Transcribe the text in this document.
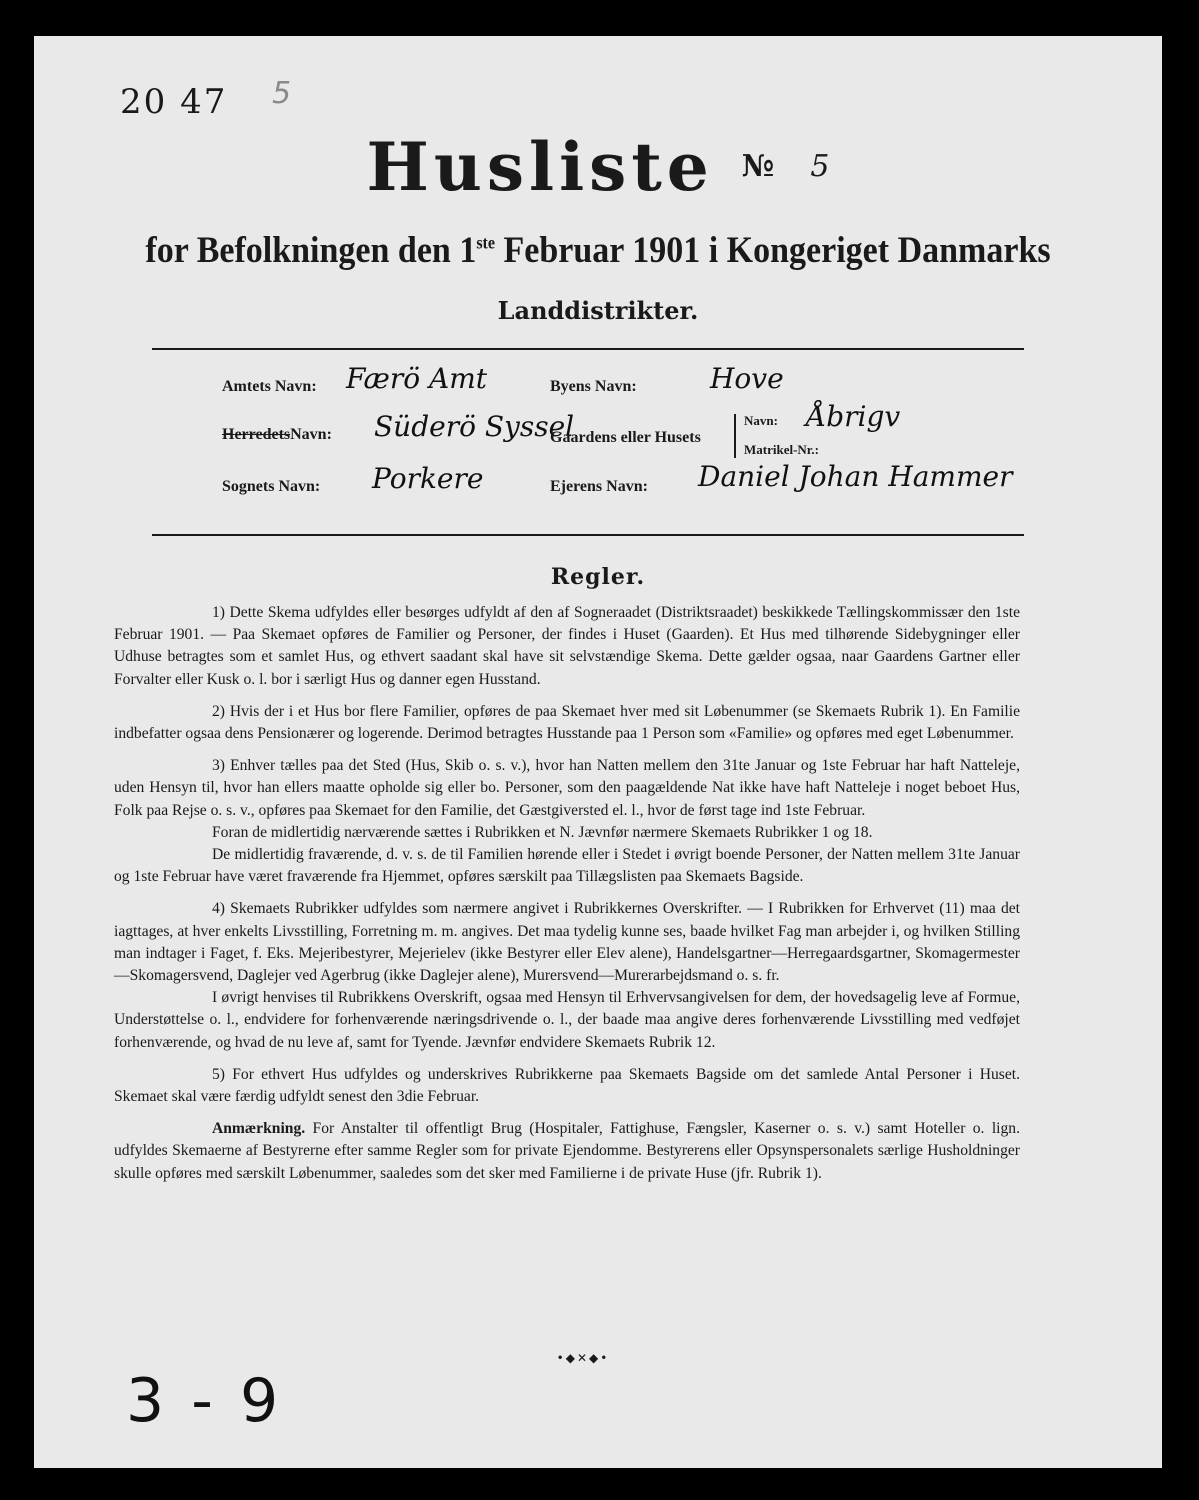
20 47 5
Husliste № $^5$
for Befolkningen den 1ste Februar 1901 i Kongeriget Danmarks
Landdistrikter.
Amtets Navn: Færö Amt
HerredetsNavn: Süderö Syssel
Sognets Navn: Porkere
Byens Navn:	Hove
Gaardens eller Husets
Navn: Åbrigv
Matrikel-Nr.:
Ejerens Navn: Daniel Johan Hammer
Regler.

1) Dette Skema udfyldes eller besørges udfyldt af den af Sogneraadet (Distriktsraadet) beskikkede Tællingskommissær den 1ste Februar 1901. — Paa Skemaet opføres de Familier og Personer, der findes i Huset (Gaarden). Et Hus med tilhørende Sidebygninger eller Udhuse betragtes som et samlet Hus, og ethvert saadant skal have sit selvstændige Skema. Dette gælder ogsaa, naar Gaardens Gartner eller Forvalter eller Kusk o. l. bor i særligt Hus og danner egen Husstand.

2) Hvis der i et Hus bor flere Familier, opføres de paa Skemaet hver med sit Løbenummer (se Skemaets Rubrik 1). En Familie indbefatter ogsaa dens Pensionærer og logerende. Derimod betragtes Husstande paa 1 Person som «Familie» og opføres med eget Løbenummer.

3) Enhver tælles paa det Sted (Hus, Skib o. s. v.), hvor han Natten mellem den 31te Januar og 1ste Februar har haft Natteleje, uden Hensyn til, hvor han ellers maatte opholde sig eller bo. Personer, som den paagældende Nat ikke have haft Natteleje i noget beboet Hus, Folk paa Rejse o. s. v., opføres paa Skemaet for den Familie, det Gæstgiversted el. l., hvor de først tage ind 1ste Februar.

Foran de midlertidig nærværende sættes i Rubrikken et N. Jævnfør nærmere Skemaets Rubrikker 1 og 18.

De midlertidig fraværende, d. v. s. de til Familien hørende eller i Stedet i øvrigt boende Personer, der Natten mellem 31te Januar og 1ste Februar have været fraværende fra Hjemmet, opføres særskilt paa Tillægslisten paa Skemaets Bagside.

4) Skemaets Rubrikker udfyldes som nærmere angivet i Rubrikkernes Overskrifter. — I Rubrikken for Erhvervet (11) maa det iagttages, at hver enkelts Livsstilling, Forretning m. m. angives. Det maa tydelig kunne ses, baade hvilket Fag man arbejder i, og hvilken Stilling man indtager i Faget, f. Eks. Mejeribestyrer, Mejerielev (ikke Bestyrer eller Elev alene), Handelsgartner—Herregaardsgartner, Skomagermester—Skomagersvend, Daglejer ved Agerbrug (ikke Daglejer alene), Murersvend—Murerarbejdsmand o. s. fr.

I øvrigt henvises til Rubrikkens Overskrift, ogsaa med Hensyn til Erhvervsangivelsen for dem, der hovedsagelig leve af Formue, Understøttelse o. l., endvidere for forhenværende næringsdrivende o. l., der baade maa angive deres forhenværende Livsstilling med vedføjet forhenværende, og hvad de nu leve af, samt for Tyende. Jævnfør endvidere Skemaets Rubrik 12.

5) For ethvert Hus udfyldes og underskrives Rubrikkerne paa Skemaets Bagside om det samlede Antal Personer i Huset. Skemaet skal være færdig udfyldt senest den 3die Februar.

Anmærkning. For Anstalter til offentligt Brug (Hospitaler, Fattighuse, Fængsler, Kaserner o. s. v.) samt Hoteller o. lign. udfyldes Skemaerne af Bestyrerne efter samme Regler som for private Ejendomme. Bestyrerens eller Opsynspersonalets særlige Husholdninger skulle opføres med særskilt Løbenummer, saaledes som det sker med Familierne i de private Huse (jfr. Rubrik 1).

•◆✕◆•
3 - 9
